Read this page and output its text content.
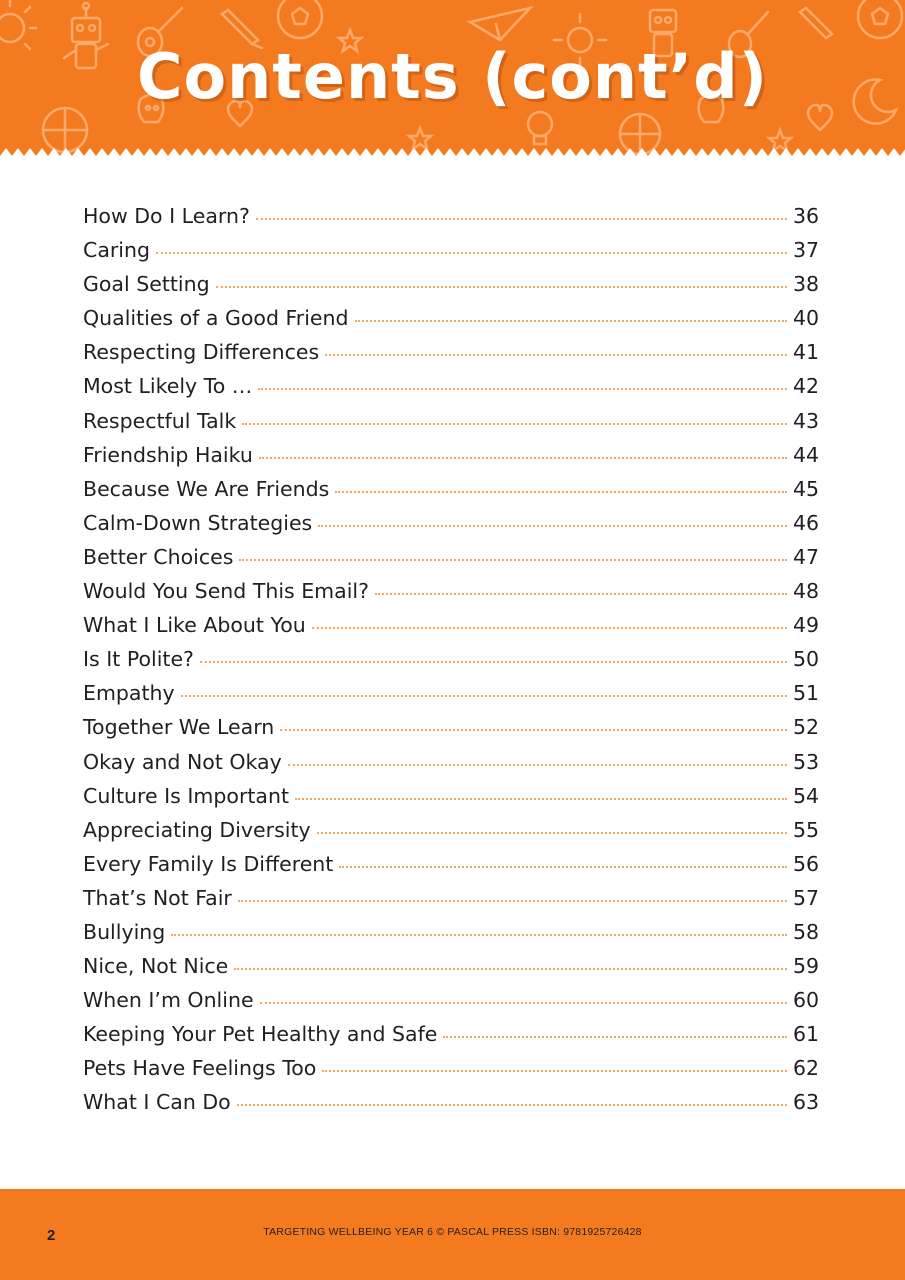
Contents (cont’d)
How Do I Learn?	36
Caring	37
Goal Setting	38
Qualities of a Good Friend	40
Respecting Differences	41
Most Likely To …	42
Respectful Talk	43
Friendship Haiku	44
Because We Are Friends	45
Calm-Down Strategies	46
Better Choices	47
Would You Send This Email?	48
What I Like About You	49
Is It Polite?	50
Empathy	51
Together We Learn	52
Okay and Not Okay	53
Culture Is Important	54
Appreciating Diversity	55
Every Family Is Different	56
That’s Not Fair	57
Bullying	58
Nice, Not Nice	59
When I’m Online	60
Keeping Your Pet Healthy and Safe	61
Pets Have Feelings Too	62
What I Can Do	63
2	TARGETING WELLBEING YEAR 6 © PASCAL PRESS ISBN: 9781925726428
